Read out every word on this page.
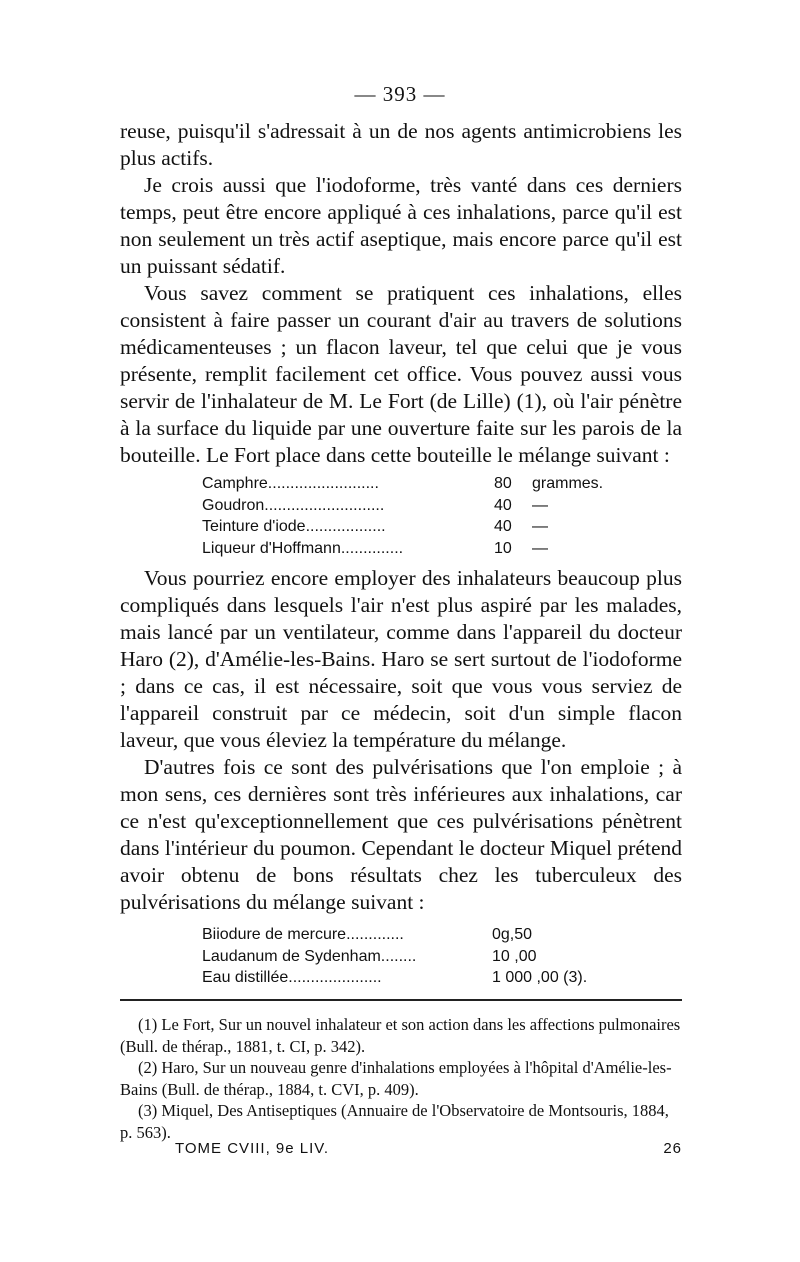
— 393 —

reuse, puisqu'il s'adressait à un de nos agents antimicrobiens les plus actifs.

Je crois aussi que l'iodoforme, très vanté dans ces derniers temps, peut être encore appliqué à ces inhalations, parce qu'il est non seulement un très actif aseptique, mais encore parce qu'il est un puissant sédatif.

Vous savez comment se pratiquent ces inhalations, elles consistent à faire passer un courant d'air au travers de solutions médicamenteuses ; un flacon laveur, tel que celui que je vous présente, remplit facilement cet office. Vous pouvez aussi vous servir de l'inhalateur de M. Le Fort (de Lille) (1), où l'air pénètre à la surface du liquide par une ouverture faite sur les parois de la bouteille. Le Fort place dans cette bouteille le mélange suivant :

Camphre.........................	80	grammes.
Goudron...........................	40	—
Teinture d'iode..................	40	—
Liqueur d'Hoffmann..............	10	—

Vous pourriez encore employer des inhalateurs beaucoup plus compliqués dans lesquels l'air n'est plus aspiré par les malades, mais lancé par un ventilateur, comme dans l'appareil du docteur Haro (2), d'Amélie-les-Bains. Haro se sert surtout de l'iodoforme ; dans ce cas, il est nécessaire, soit que vous vous serviez de l'appareil construit par ce médecin, soit d'un simple flacon laveur, que vous éleviez la température du mélange.

D'autres fois ce sont des pulvérisations que l'on emploie ; à mon sens, ces dernières sont très inférieures aux inhalations, car ce n'est qu'exceptionnellement que ces pulvérisations pénètrent dans l'intérieur du poumon. Cependant le docteur Miquel prétend avoir obtenu de bons résultats chez les tuberculeux des pulvérisations du mélange suivant :

Biiodure de mercure.............	0g,50
Laudanum de Sydenham........	10 ,00
Eau distillée.....................	1 000 ,00 (3).

(1) Le Fort, Sur un nouvel inhalateur et son action dans les affections pulmonaires (Bull. de thérap., 1881, t. CI, p. 342).

(2) Haro, Sur un nouveau genre d'inhalations employées à l'hôpital d'Amélie-les-Bains (Bull. de thérap., 1884, t. CVI, p. 409).

(3) Miquel, Des Antiseptiques (Annuaire de l'Observatoire de Montsouris, 1884, p. 563).

TOME CVIII, 9e LIV.	26
